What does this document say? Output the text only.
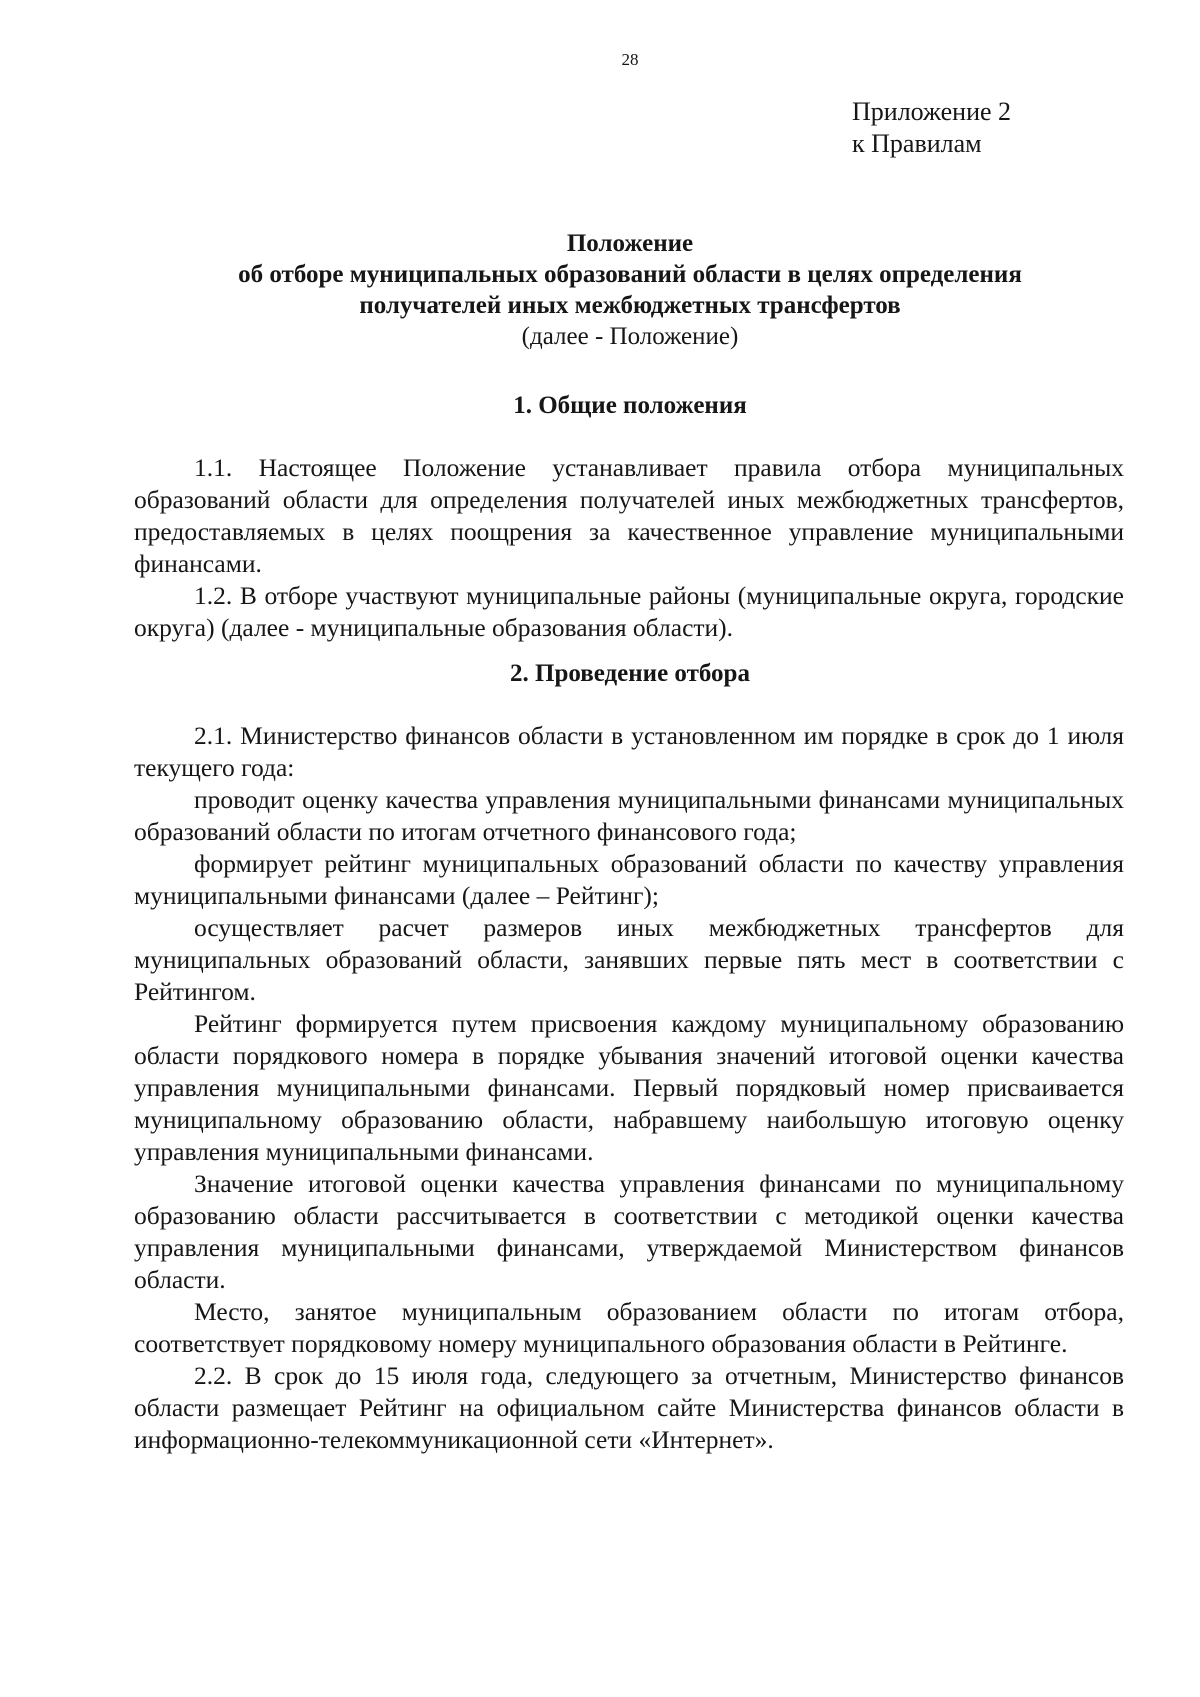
28
Приложение 2
к Правилам
Положение
об отборе муниципальных образований области в целях определения
получателей иных межбюджетных трансфертов
(далее - Положение)
1. Общие положения

1.1. Настоящее Положение устанавливает правила отбора муниципальных образований области для определения получателей иных межбюджетных трансфертов, предоставляемых в целях поощрения за качественное управление муниципальными финансами.

1.2. В отборе участвуют муниципальные районы (муниципальные округа, городские округа) (далее - муниципальные образования области).

2. Проведение отбора

2.1. Министерство финансов области в установленном им порядке в срок до 1 июля текущего года:

проводит оценку качества управления муниципальными финансами муниципальных образований области по итогам отчетного финансового года;

формирует рейтинг муниципальных образований области по качеству управления муниципальными финансами (далее – Рейтинг);

осуществляет расчет размеров иных межбюджетных трансфертов для муниципальных образований области, занявших первые пять мест в соответствии с Рейтингом.

Рейтинг формируется путем присвоения каждому муниципальному образованию области порядкового номера в порядке убывания значений итоговой оценки качества управления муниципальными финансами. Первый порядковый номер присваивается муниципальному образованию области, набравшему наибольшую итоговую оценку управления муниципальными финансами.

Значение итоговой оценки качества управления финансами по муниципальному образованию области рассчитывается в соответствии с методикой оценки качества управления муниципальными финансами, утверждаемой Министерством финансов области.

Место, занятое муниципальным образованием области по итогам отбора, соответствует порядковому номеру муниципального образования области в Рейтинге.

2.2. В срок до 15 июля года, следующего за отчетным, Министерство финансов области размещает Рейтинг на официальном сайте Министерства финансов области в информационно-телекоммуникационной сети «Интернет».
